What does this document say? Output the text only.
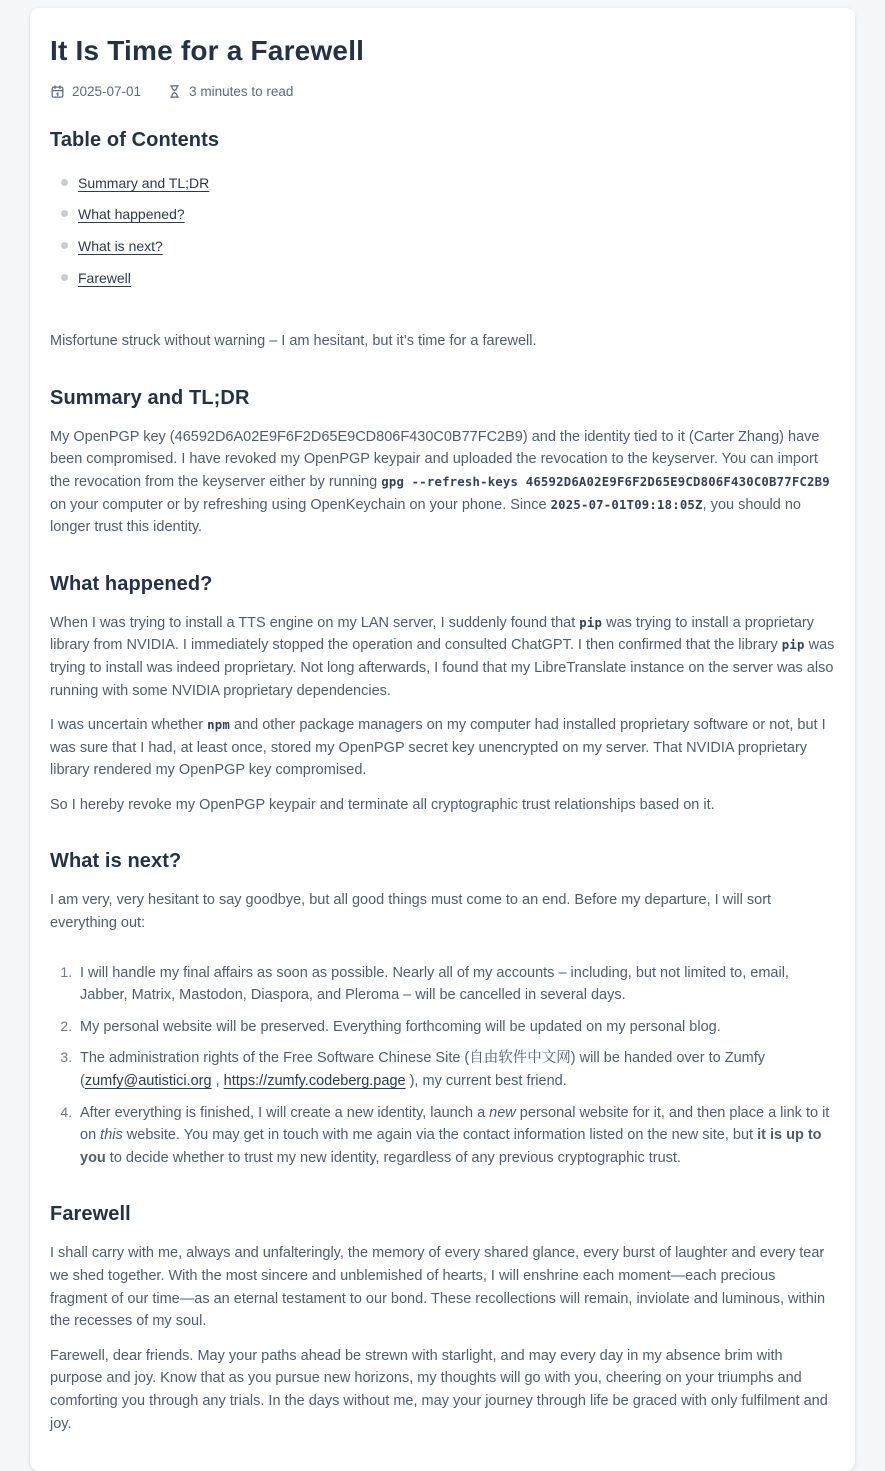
It Is Time for a Farewell
2025-07-01	3 minutes to read
Table of Contents
Summary and TL;DR
What happened?
What is next?
Farewell

Misfortune struck without warning – I am hesitant, but it’s time for a farewell.

Summary and TL;DR

My OpenPGP key (46592D6A02E9F6F2D65E9CD806F430C0B77FC2B9) and the identity tied to it (Carter Zhang) have been compromised. I have revoked my OpenPGP keypair and uploaded the revocation to the keyserver. You can import the revocation from the keyserver either by running gpg --refresh-keys 46592D6A02E9F6F2D65E9CD806F430C0B77FC2B9 on your computer or by refreshing using OpenKeychain on your phone. Since 2025-07-01T09:18:05Z, you should no longer trust this identity.

What happened?

When I was trying to install a TTS engine on my LAN server, I suddenly found that pip was trying to install a proprietary library from NVIDIA. I immediately stopped the operation and consulted ChatGPT. I then confirmed that the library pip was trying to install was indeed proprietary. Not long afterwards, I found that my LibreTranslate instance on the server was also running with some NVIDIA proprietary dependencies.

I was uncertain whether npm and other package managers on my computer had installed proprietary software or not, but I was sure that I had, at least once, stored my OpenPGP secret key unencrypted on my server. That NVIDIA proprietary library rendered my OpenPGP key compromised.

So I hereby revoke my OpenPGP keypair and terminate all cryptographic trust relationships based on it.

What is next?

I am very, very hesitant to say goodbye, but all good things must come to an end. Before my departure, I will sort everything out:

1. I will handle my final affairs as soon as possible. Nearly all of my accounts – including, but not limited to, email, Jabber, Matrix, Mastodon, Diaspora, and Pleroma – will be cancelled in several days.
2. My personal website will be preserved. Everything forthcoming will be updated on my personal blog.
3. The administration rights of the Free Software Chinese Site (自由软件中文网) will be handed over to Zumfy (zumfy@autistici.org , https://zumfy.codeberg.page ), my current best friend.
4. After everything is finished, I will create a new identity, launch a new personal website for it, and then place a link to it on this website. You may get in touch with me again via the contact information listed on the new site, but it is up to you to decide whether to trust my new identity, regardless of any previous cryptographic trust.
Farewell

I shall carry with me, always and unfalteringly, the memory of every shared glance, every burst of laughter and every tear we shed together. With the most sincere and unblemished of hearts, I will enshrine each moment—each precious fragment of our time—as an eternal testament to our bond. These recollections will remain, inviolate and luminous, within the recesses of my soul.

Farewell, dear friends. May your paths ahead be strewn with starlight, and may every day in my absence brim with purpose and joy. Know that as you pursue new horizons, my thoughts will go with you, cheering on your triumphs and comforting you through any trials. In the days without me, may your journey through life be graced with only fulfilment and joy.
